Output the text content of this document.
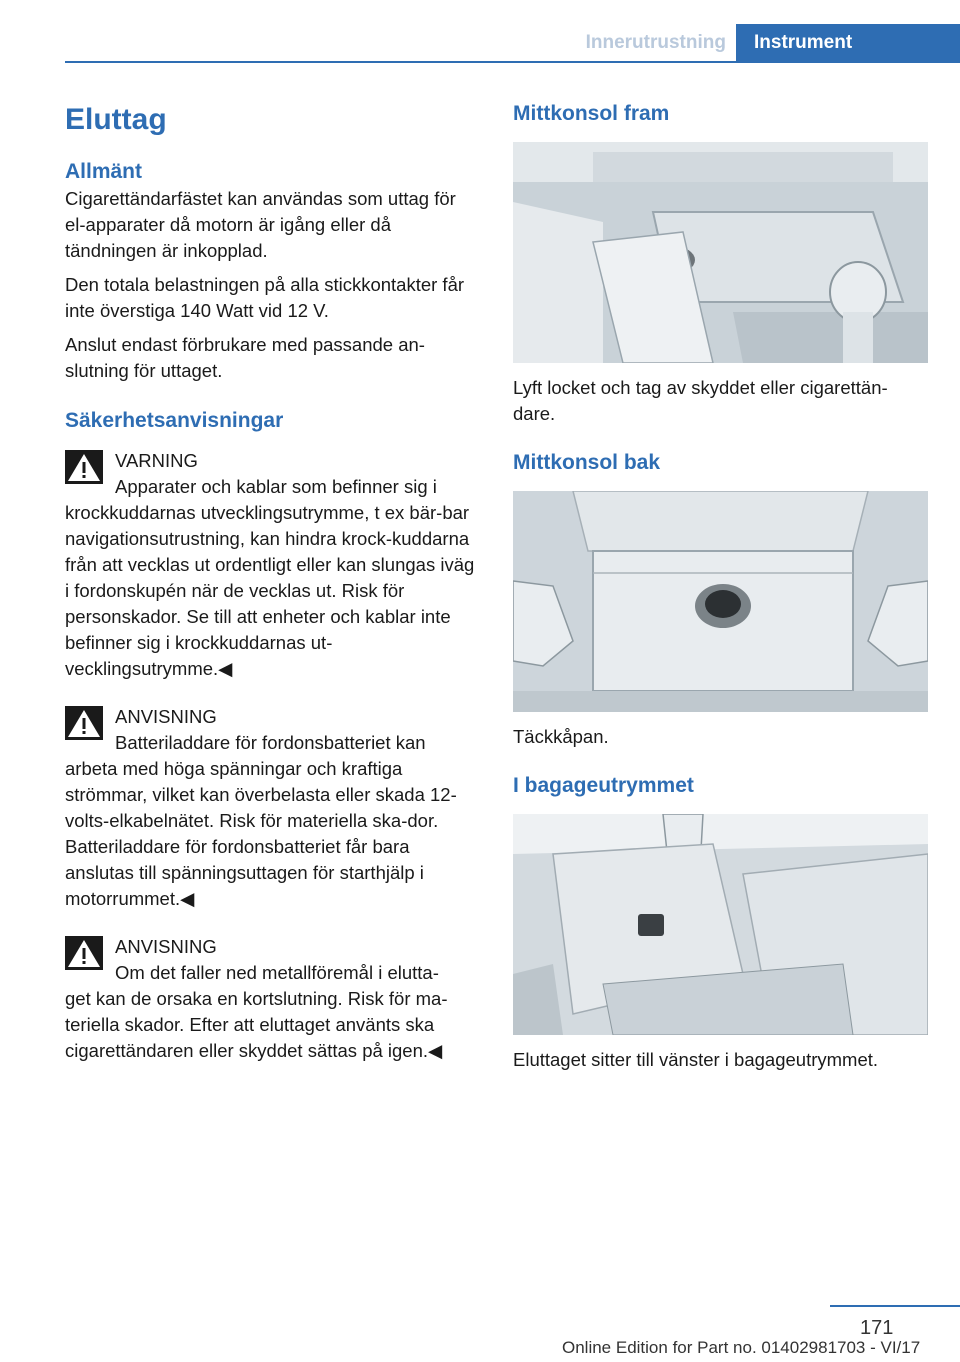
Innerutrustning	Instrument
Eluttag
Allmänt

Cigarettändarfästet kan användas som uttag för el-apparater då motorn är igång eller då tändningen är inkopplad.

Den totala belastningen på alla stickkontakter får inte överstiga 140 Watt vid 12 V.

Anslut endast förbrukare med passande an-slutning för uttaget.

Säkerhetsanvisningar
VARNING
Apparater och kablar som befinner sig i
krockkuddarnas utvecklingsutrymme, t ex bär-bar navigationsutrustning, kan hindra krock-kuddarna från att vecklas ut ordentligt eller kan slungas iväg i fordonskupén när de vecklas ut. Risk för personskador. Se till att enheter och kablar inte befinner sig i krockkuddarnas ut-vecklingsutrymme.◀
ANVISNING
Batteriladdare för fordonsbatteriet kan
arbeta med höga spänningar och kraftiga strömmar, vilket kan överbelasta eller skada 12-volts-elkabelnätet. Risk för materiella ska-dor. Batteriladdare för fordonsbatteriet får bara anslutas till spänningsuttagen för starthjälp i motorrummet.◀
ANVISNING
Om det faller ned metallföremål i elutta-
get kan de orsaka en kortslutning. Risk för ma-teriella skador. Efter att eluttaget använts ska cigarettändaren eller skyddet sättas på igen.◀
Mittkonsol fram

Lyft locket och tag av skyddet eller cigarettän-dare.

Mittkonsol bak

Täckkåpan.

I bagageutrymmet

Eluttaget sitter till vänster i bagageutrymmet.

171
Online Edition for Part no. 01402981703 - VI/17
